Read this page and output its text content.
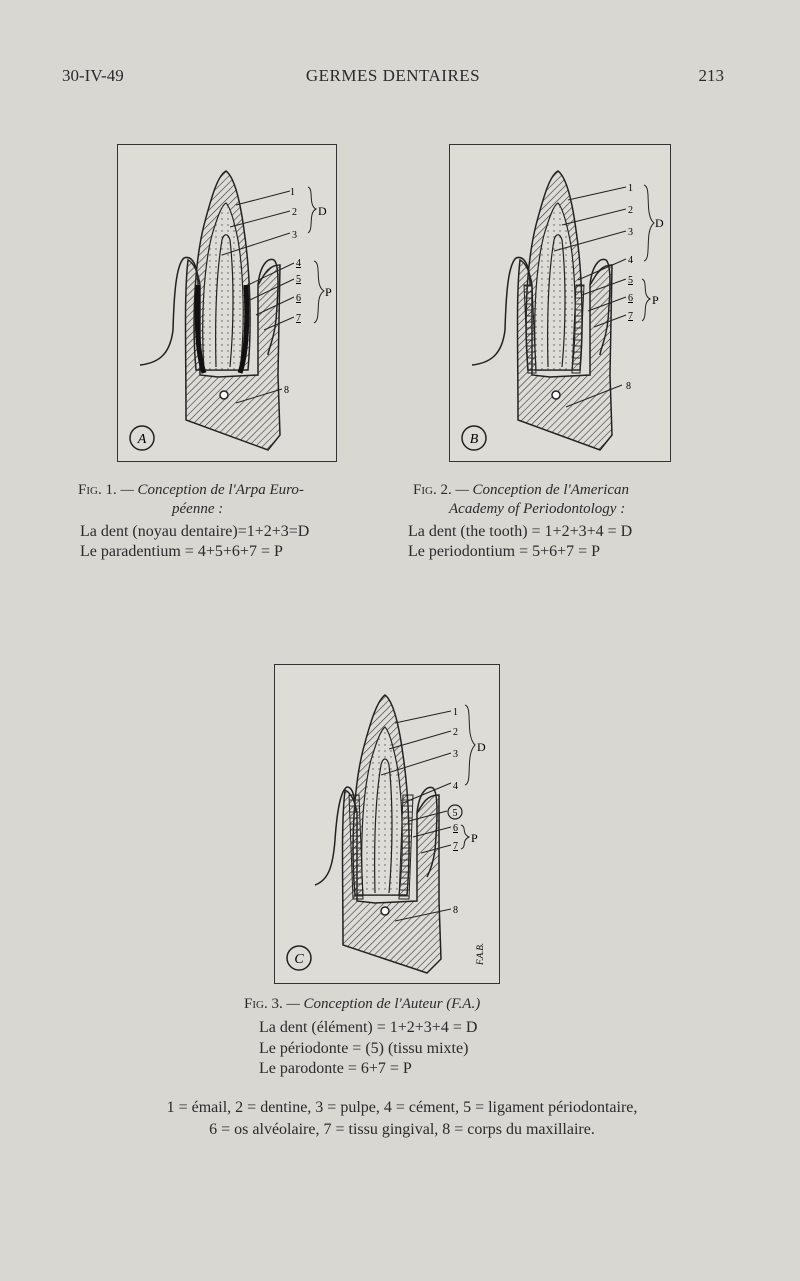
30-IV-49	GERMES DENTAIRES	213
1
2
3
4
5
6
7
8
D
P
A
1
2
3
4
5
6
7
8
D
P
B
Fig. 1. — Conception de l'Arpa Euro-
péenne :
Fig. 2. — Conception de l'American
Academy of Periodontology :
La dent (noyau dentaire)=1+2+3=D
Le paradentium = 4+5+6+7 = P
La dent (the tooth) = 1+2+3+4 = D
Le periodontium = 5+6+7 = P
1
2
3
4
5
6
7
8
D
P
F.A.B.
C
Fig. 3. — Conception de l'Auteur (F.A.)
La dent (élément) = 1+2+3+4 = D
Le périodonte = (5) (tissu mixte)
Le parodonte = 6+7 = P
1 = émail, 2 = dentine, 3 = pulpe, 4 = cément, 5 = ligament périodontaire,
6 = os alvéolaire, 7 = tissu gingival, 8 = corps du maxillaire.
